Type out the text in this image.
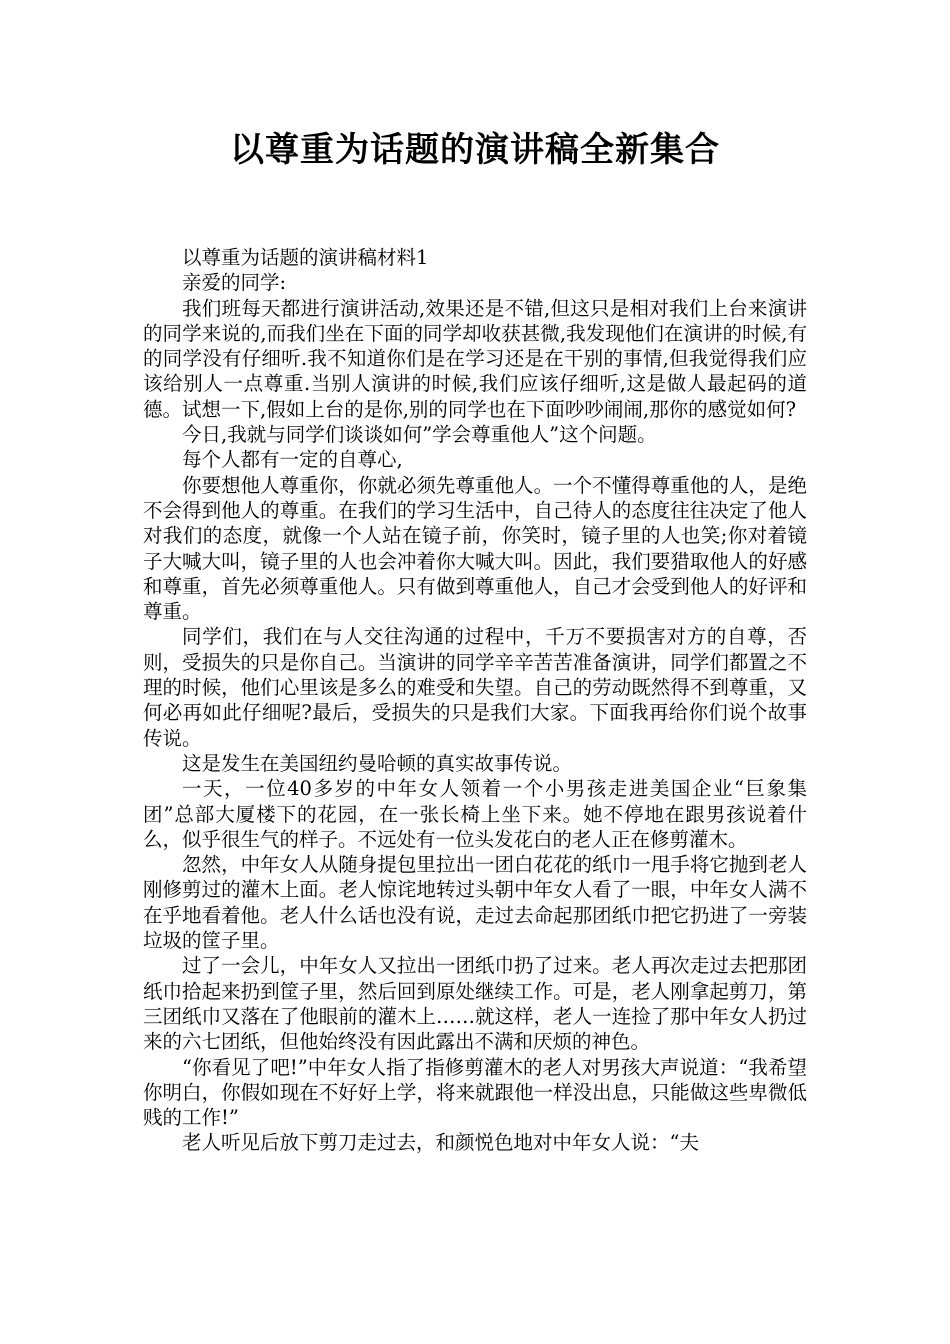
以尊重为话题的演讲稿全新集合

以尊重为话题的演讲稿材料1

亲爱的同学:

我们班每天都进行演讲活动,效果还是不错,但这只是相对我们上台来演讲的同学来说的,而我们坐在下面的同学却收获甚微,我发现他们在演讲的时候,有的同学没有仔细听.我不知道你们是在学习还是在干别的事情,但我觉得我们应该给别人一点尊重.当别人演讲的时候,我们应该仔细听,这是做人最起码的道德。试想一下,假如上台的是你,别的同学也在下面吵吵闹闹,那你的感觉如何?

今日,我就与同学们谈谈如何”学会尊重他人”这个问题。

每个人都有一定的自尊心,

你要想他人尊重你，你就必须先尊重他人。一个不懂得尊重他的人，是绝不会得到他人的尊重。在我们的学习生活中，自己待人的态度往往决定了他人对我们的态度，就像一个人站在镜子前，你笑时，镜子里的人也笑;你对着镜子大喊大叫，镜子里的人也会冲着你大喊大叫。因此，我们要猎取他人的好感和尊重，首先必须尊重他人。只有做到尊重他人，自己才会受到他人的好评和尊重。

同学们，我们在与人交往沟通的过程中，千万不要损害对方的自尊，否则，受损失的只是你自己。当演讲的同学辛辛苦苦准备演讲，同学们都置之不理的时候，他们心里该是多么的难受和失望。自己的劳动既然得不到尊重，又何必再如此仔细呢?最后，受损失的只是我们大家。下面我再给你们说个故事传说。

这是发生在美国纽约曼哈顿的真实故事传说。

一天，一位40多岁的中年女人领着一个小男孩走进美国企业“巨象集团”总部大厦楼下的花园，在一张长椅上坐下来。她不停地在跟男孩说着什么，似乎很生气的样子。不远处有一位头发花白的老人正在修剪灌木。

忽然，中年女人从随身提包里拉出一团白花花的纸巾一甩手将它抛到老人刚修剪过的灌木上面。老人惊诧地转过头朝中年女人看了一眼，中年女人满不在乎地看着他。老人什么话也没有说，走过去命起那团纸巾把它扔进了一旁装垃圾的筐子里。

过了一会儿，中年女人又拉出一团纸巾扔了过来。老人再次走过去把那团纸巾拾起来扔到筐子里，然后回到原处继续工作。可是，老人刚拿起剪刀，第三团纸巾又落在了他眼前的灌木上……就这样，老人一连捡了那中年女人扔过来的六七团纸，但他始终没有因此露出不满和厌烦的神色。

“你看见了吧!”中年女人指了指修剪灌木的老人对男孩大声说道：“我希望你明白，你假如现在不好好上学，将来就跟他一样没出息，只能做这些卑微低贱的工作!”

老人听见后放下剪刀走过去，和颜悦色地对中年女人说：“夫
